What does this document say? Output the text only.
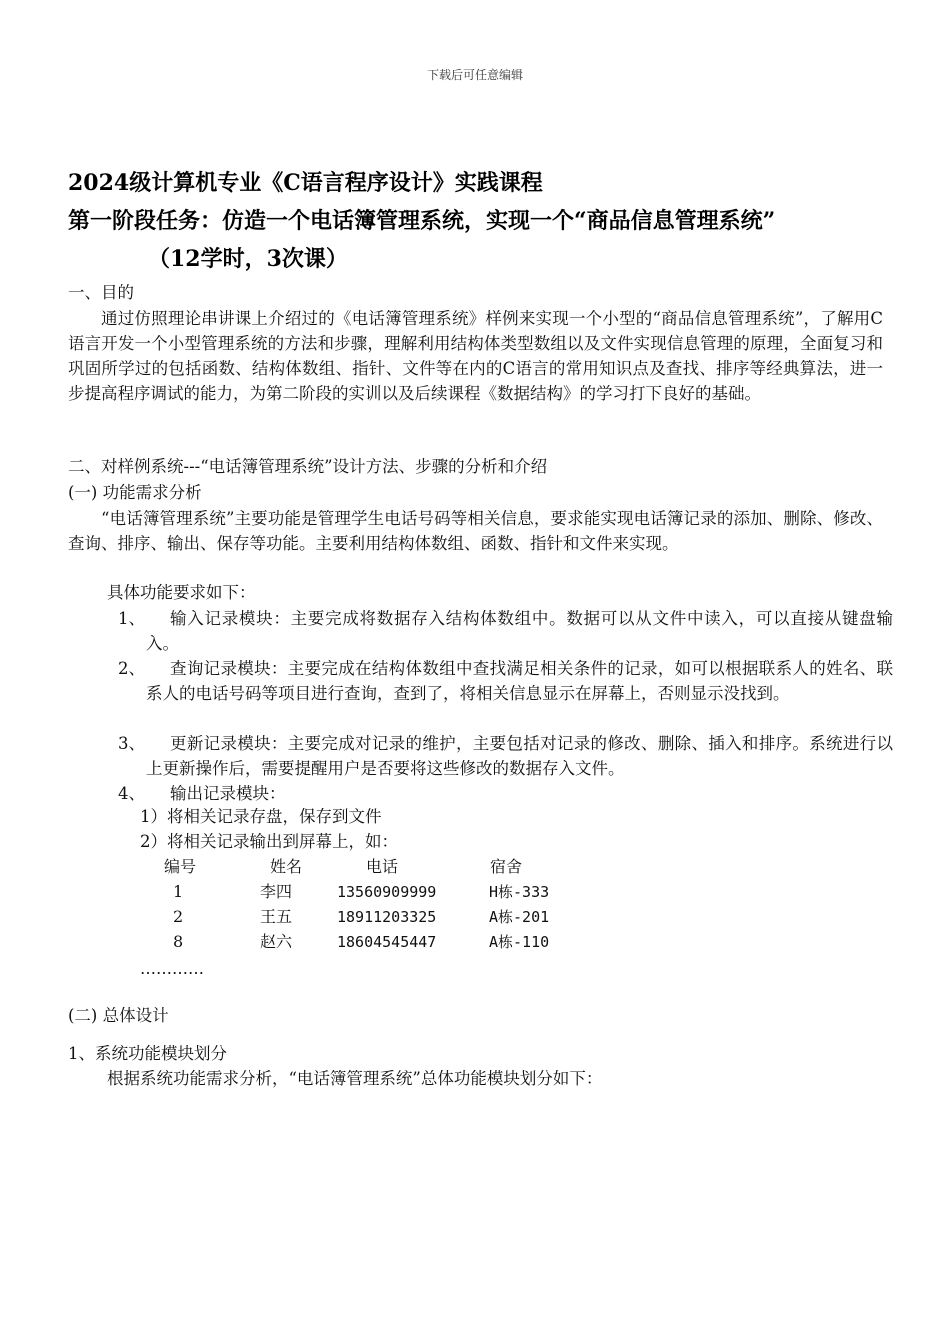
下载后可任意编辑
2024级计算机专业《C语言程序设计》实践课程
第一阶段任务：仿造一个电话簿管理系统，实现一个“商品信息管理系统”
（12学时，3次课）
一、目的
通过仿照理论串讲课上介绍过的《电话簿管理系统》样例来实现一个小型的“商品信息管理系统”，了解用C语言开发一个小型管理系统的方法和步骤，理解利用结构体类型数组以及文件实现信息管理的原理，全面复习和巩固所学过的包括函数、结构体数组、指针、文件等在内的C语言的常用知识点及查找、排序等经典算法，进一步提高程序调试的能力，为第二阶段的实训以及后续课程《数据结构》的学习打下良好的基础。
二、对样例系统---“电话簿管理系统”设计方法、步骤的分析和介绍
(一) 功能需求分析
“电话簿管理系统”主要功能是管理学生电话号码等相关信息，要求能实现电话簿记录的添加、删除、修改、查询、排序、输出、保存等功能。主要利用结构体数组、函数、指针和文件来实现。
具体功能要求如下：
1、	输入记录模块：主要完成将数据存入结构体数组中。数据可以从文件中读入，可以直接从键盘输入。
2、	查询记录模块：主要完成在结构体数组中查找满足相关条件的记录，如可以根据联系人的姓名、联系人的电话号码等项目进行查询，查到了，将相关信息显示在屏幕上，否则显示没找到。
3、	更新记录模块：主要完成对记录的维护，主要包括对记录的修改、删除、插入和排序。系统进行以上更新操作后，需要提醒用户是否要将这些修改的数据存入文件。
4、	输出记录模块：
1）将相关记录存盘，保存到文件
2）将相关记录输出到屏幕上，如：
编号	姓名	电话	宿舍
1	李四	13560909999	H栋-333
2	王五	18911203325	A栋-201
8	赵六	18604545447	A栋-110
…………
(二) 总体设计
1、系统功能模块划分
根据系统功能需求分析，“电话簿管理系统”总体功能模块划分如下：
